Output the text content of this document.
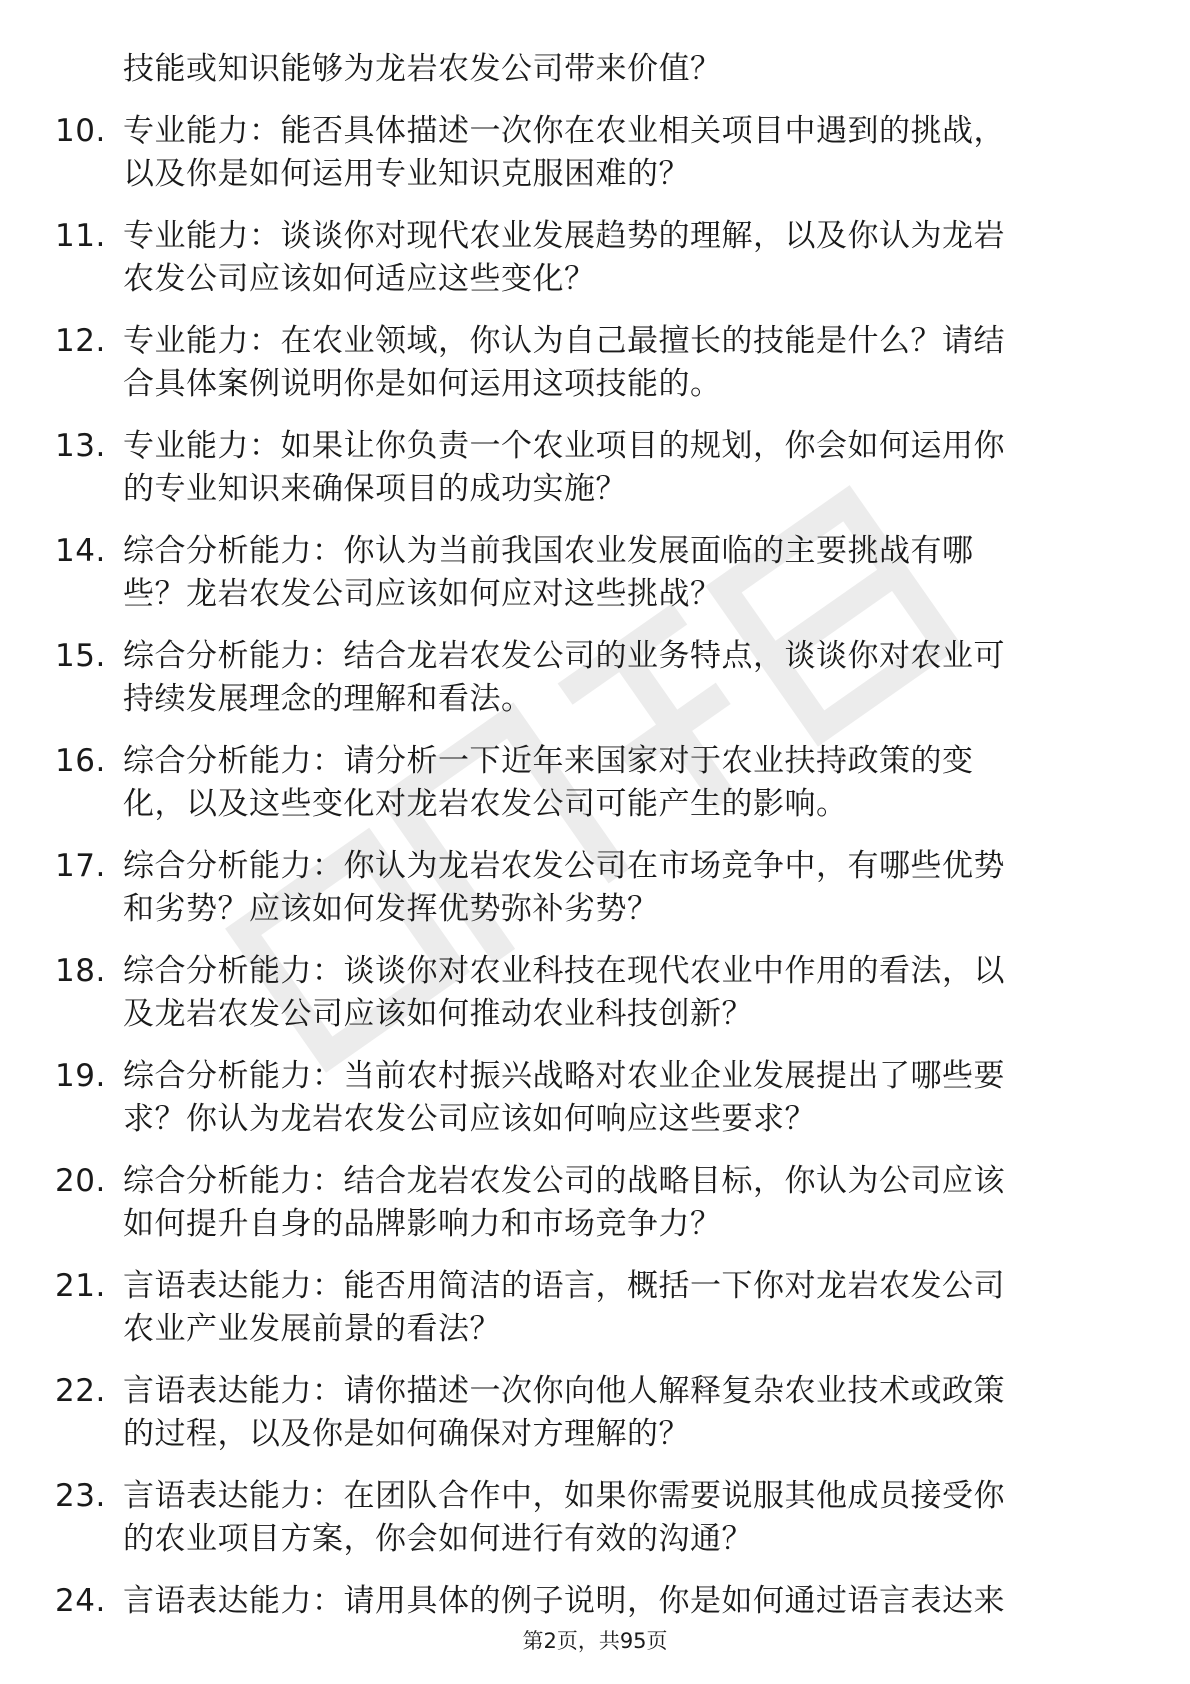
技能或知识能够为龙岩农发公司带来价值？

10. 专业能力：能否具体描述一次你在农业相关项目中遇到的挑战，
以及你是如何运用专业知识克服困难的？
11. 专业能力：谈谈你对现代农业发展趋势的理解，以及你认为龙岩
农发公司应该如何适应这些变化？
12. 专业能力：在农业领域，你认为自己最擅长的技能是什么？请结
合具体案例说明你是如何运用这项技能的。
13. 专业能力：如果让你负责一个农业项目的规划，你会如何运用你
的专业知识来确保项目的成功实施？
14. 综合分析能力：你认为当前我国农业发展面临的主要挑战有哪
些？龙岩农发公司应该如何应对这些挑战？
15. 综合分析能力：结合龙岩农发公司的业务特点，谈谈你对农业可
持续发展理念的理解和看法。
16. 综合分析能力：请分析一下近年来国家对于农业扶持政策的变
化，以及这些变化对龙岩农发公司可能产生的影响。
17. 综合分析能力：你认为龙岩农发公司在市场竞争中，有哪些优势
和劣势？应该如何发挥优势弥补劣势？
18. 综合分析能力：谈谈你对农业科技在现代农业中作用的看法，以
及龙岩农发公司应该如何推动农业科技创新？
19. 综合分析能力：当前农村振兴战略对农业企业发展提出了哪些要
求？你认为龙岩农发公司应该如何响应这些要求？
20. 综合分析能力：结合龙岩农发公司的战略目标，你认为公司应该
如何提升自身的品牌影响力和市场竞争力？
21. 言语表达能力：能否用简洁的语言，概括一下你对龙岩农发公司
农业产业发展前景的看法？
22. 言语表达能力：请你描述一次你向他人解释复杂农业技术或政策
的过程，以及你是如何确保对方理解的？
23. 言语表达能力：在团队合作中，如果你需要说服其他成员接受你
的农业项目方案，你会如何进行有效的沟通？
24. 言语表达能力：请用具体的例子说明，你是如何通过语言表达来
第2页，共95页
